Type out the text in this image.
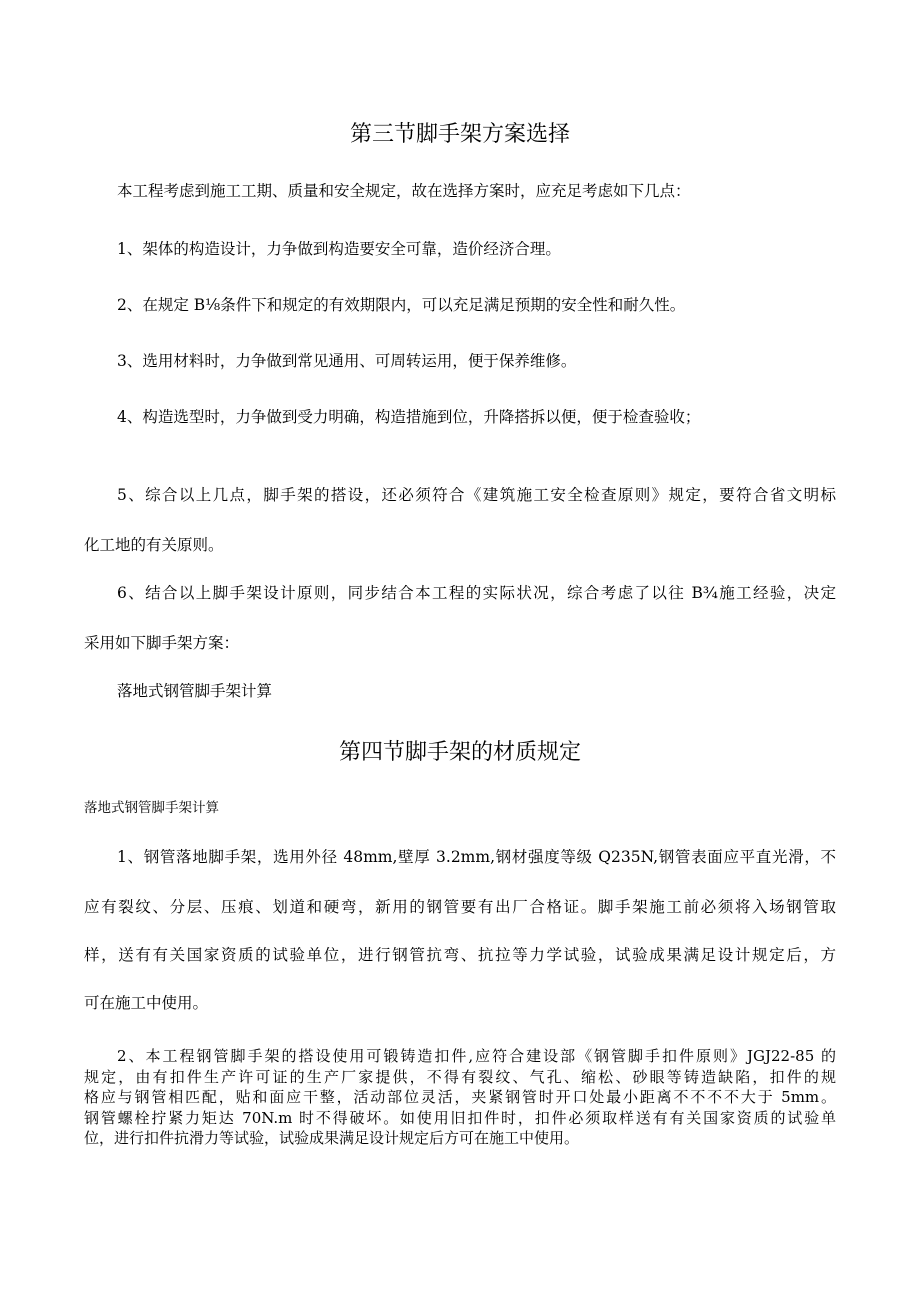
第三节脚手架方案选择

本工程考虑到施工工期、质量和安全规定，故在选择方案时，应充足考虑如下几点：

1、架体的构造设计，力争做到构造要安全可靠，造价经济合理。

2、在规定 B⅛条件下和规定的有效期限内，可以充足满足预期的安全性和耐久性。

3、选用材料时，力争做到常见通用、可周转运用，便于保养维修。

4、构造选型时，力争做到受力明确，构造措施到位，升降搭拆以便，便于检查验收；

5、综合以上几点，脚手架的搭设，还必须符合《建筑施工安全检查原则》规定，要符合省文明标

化工地的有关原则。

6、结合以上脚手架设计原则，同步结合本工程的实际状况，综合考虑了以往 B¾施工经验，决定

采用如下脚手架方案：

落地式钢管脚手架计算

第四节脚手架的材质规定

落地式钢管脚手架计算

1、钢管落地脚手架，选用外径 48mm,壁厚 3.2mm,钢材强度等级 Q235N,钢管表面应平直光滑，不

应有裂纹、分层、压痕、划道和硬弯，新用的钢管要有出厂合格证。脚手架施工前必须将入场钢管取

样，送有有关国家资质的试验单位，进行钢管抗弯、抗拉等力学试验，试验成果满足设计规定后，方

可在施工中使用。

2、本工程钢管脚手架的搭设使用可锻铸造扣件,应符合建设部《钢管脚手扣件原则》JGJ22-85 的
规定，由有扣件生产许可证的生产厂家提供，不得有裂纹、气孔、缩松、砂眼等铸造缺陷，扣件的规
格应与钢管相匹配，贴和面应干整，活动部位灵活，夹紧钢管时开口处最小距离不不不不大于 5mm。
钢管螺栓拧紧力矩达 70N.m 时不得破坏。如使用旧扣件时，扣件必须取样送有有关国家资质的试验单
位，进行扣件抗滑力等试验，试验成果满足设计规定后方可在施工中使用。
